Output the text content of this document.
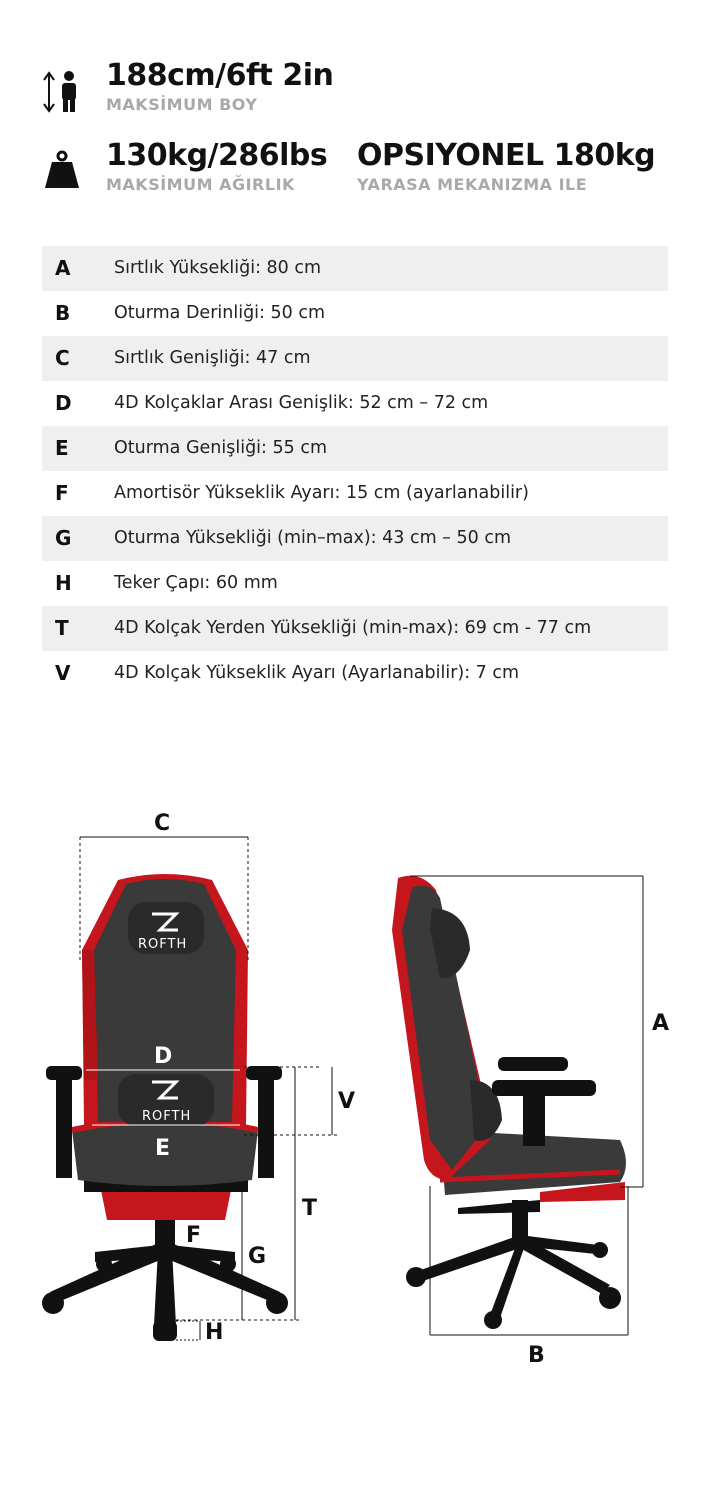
188cm/6ft 2in
MAKSİMUM BOY
130kg/286lbs
MAKSİMUM AĞIRLIK
OPSIYONEL 180kg
YARASA MEKANIZMA ILE
A Sırtlık Yüksekliği: 80 cm
B	Oturma Derinliği: 50 cm
C	Sırtlık Genişliği: 47 cm
D 4D Kolçaklar Arası Genişlik: 52 cm – 72 cm
E	Oturma Genişliği: 55 cm
F	Amortisör Yükseklik Ayarı: 15 cm (ayarlanabilir)
G Oturma Yüksekliği (min–max): 43 cm – 50 cm
H Teker Çapı: 60 mm
T	4D Kolçak Yerden Yüksekliği (min-max): 69 cm - 77 cm
V 4D Kolçak Yükseklik Ayarı (Ayarlanabilir): 7 cm
ROFTH
ROFTH
C
D
E
F
G
H
T
V
A
B
